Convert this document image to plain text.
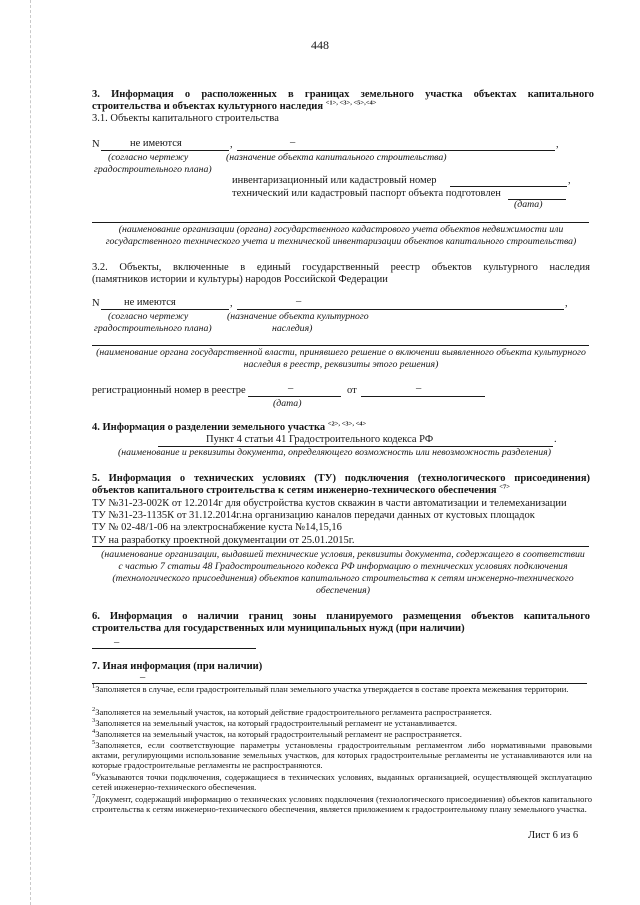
448
3. Информация о расположенных в границах земельного участка объектах капитального
строительства и объектах культурного наследия $^{<1>, <3>, <5>,<4>}$
3.1. Объекты капитального строительства
N	не имеются	,	–	,
(согласно чертежу
градостроительного плана)
(назначение объекта капитального строительства)
инвентаризационный или кадастровый номер	,
технический или кадастровый паспорт объекта подготовлен
(дата)
(наименование организации (органа) государственного кадастрового учета объектов недвижимости или государственного технического учета и технической инвентаризации объектов капитального строительства)
3.2. Объекты, включенные в единый государственный реестр объектов культурного наследия
(памятников истории и культуры) народов Российской Федерации
N не имеются	,	–	,
(согласно чертежу
градостроительного плана)
(назначение объекта культурного
наследия)
(наименование органа государственной власти, принявшего решение о включении выявленного объекта культурного наследия в реестр, реквизиты этого решения)
регистрационный номер в реестре	–	от	–
(дата)
4. Информация о разделении земельного участка $^{<2>, <3>, <4>}$
Пункт 4 статьи 41 Градостроительного кодекса РФ	.
(наименование и реквизиты документа, определяющего возможность или невозможность разделения)
5. Информация о технических условиях (ТУ) подключения (технологического присоединения)
объектов капитального строительства к сетям инженерно-технического обеспечения $^{<7>}$
ТУ №31-23-002К от 12.2014г для обустройства кустов скважин в части автоматизации и телемеханизации
ТУ №31-23-1135К от 31.12.2014г.на организацию каналов передачи данных от кустовых площадок
ТУ № 02-48/1-06 на электроснабжение куста №14,15,16
ТУ на разработку проектной документации от 25.01.2015г.
(наименование организации, выдавшей технические условия, реквизиты документа, содержащего в соответствии с частью 7 статьи 48 Градостроительного кодекса РФ информацию о технических условиях подключения (технологического присоединения) объектов капитального строительства к сетям инженерно-технического обеспечения)
6. Информация о наличии границ зоны планируемого размещения объектов капитального строительства для государственных или муниципальных нужд (при наличии)
–
7. Иная информация (при наличии)
–
$^1$Заполняется в случае, если градостроительный план земельного участка утверждается в составе проекта межевания территории.
$^2$Заполняется на земельный участок, на который действие градостроительного регламента распространяется.
$^3$Заполняется на земельный участок, на который градостроительный регламент не устанавливается.
$^4$Заполняется на земельный участок, на который градостроительный регламент не распространяется.
$^5$Заполняется, если соответствующие параметры установлены градостроительным регламентом либо нормативными правовыми актами, регулирующими использование земельных участков, для которых градостроительные регламенты не устанавливаются или на которые градостроительные регламенты не распространяются.
$^6$Указываются точки подключения, содержащиеся в технических условиях, выданных организацией, осуществляющей эксплуатацию сетей инженерно-технического обеспечения.
$^7$Документ, содержащий информацию о технических условиях подключения (технологического присоединения) объектов капитального строительства к сетям инженерно-технического обеспечения, является приложением к градостроительному плану земельного участка.
Лист 6 из 6
